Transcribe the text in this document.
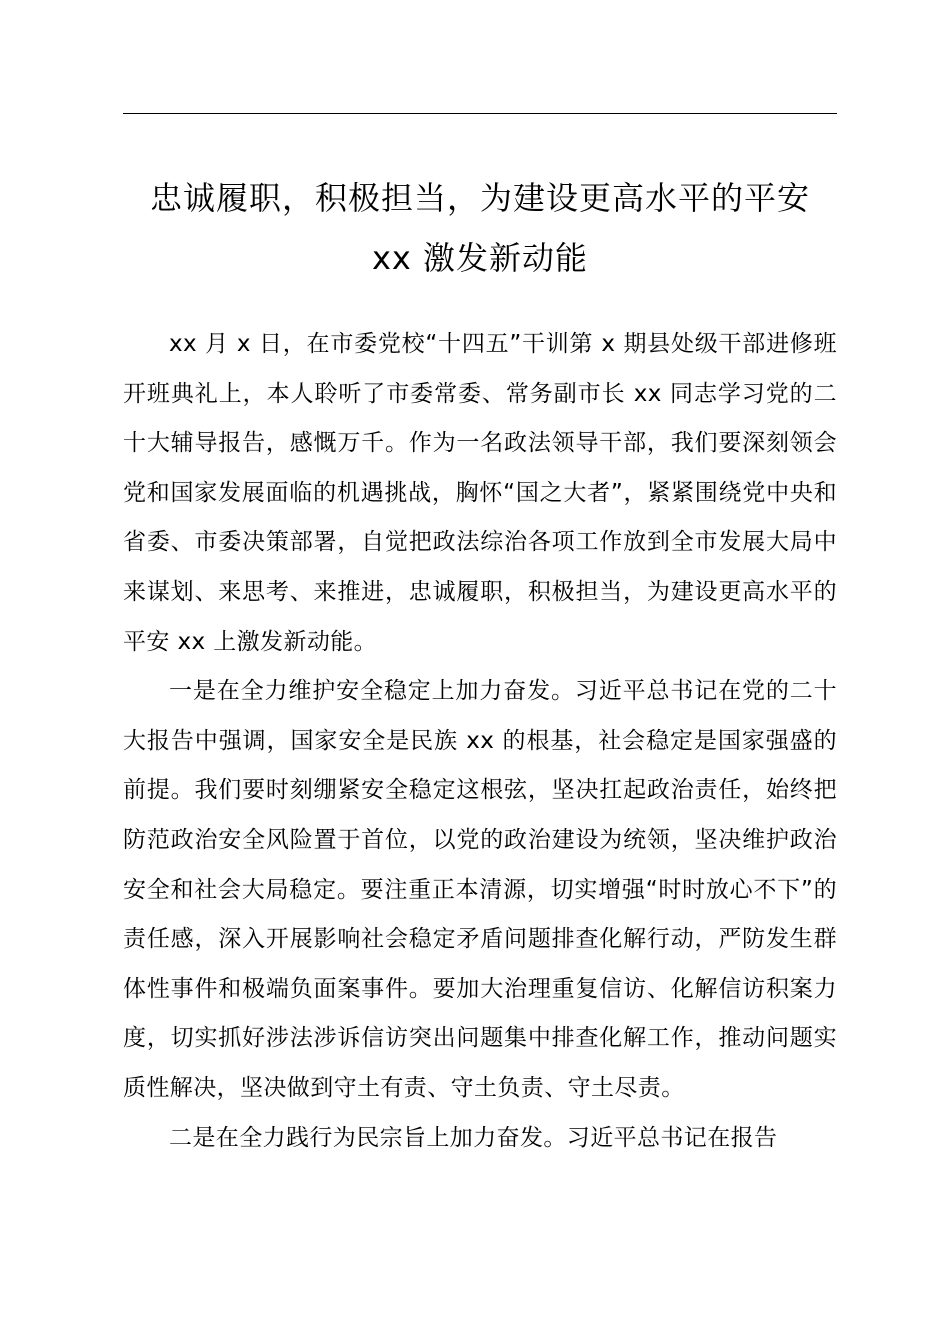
忠诚履职，积极担当，为建设更高水平的平安
xx 激发新动能

xx 月 x 日，在市委党校“十四五”干训第 x 期县处级干部进修班开班典礼上，本人聆听了市委常委、常务副市长 xx 同志学习党的二十大辅导报告，感慨万千。作为一名政法领导干部，我们要深刻领会党和国家发展面临的机遇挑战，胸怀“国之大者”，紧紧围绕党中央和省委、市委决策部署，自觉把政法综治各项工作放到全市发展大局中来谋划、来思考、来推进，忠诚履职，积极担当，为建设更高水平的平安 xx 上激发新动能。

一是在全力维护安全稳定上加力奋发。习近平总书记在党的二十大报告中强调，国家安全是民族 xx 的根基，社会稳定是国家强盛的前提。我们要时刻绷紧安全稳定这根弦，坚决扛起政治责任，始终把防范政治安全风险置于首位，以党的政治建设为统领，坚决维护政治安全和社会大局稳定。要注重正本清源，切实增强“时时放心不下”的责任感，深入开展影响社会稳定矛盾问题排查化解行动，严防发生群体性事件和极端负面案事件。要加大治理重复信访、化解信访积案力度，切实抓好涉法涉诉信访突出问题集中排查化解工作，推动问题实质性解决，坚决做到守土有责、守土负责、守土尽责。

二是在全力践行为民宗旨上加力奋发。习近平总书记在报告
